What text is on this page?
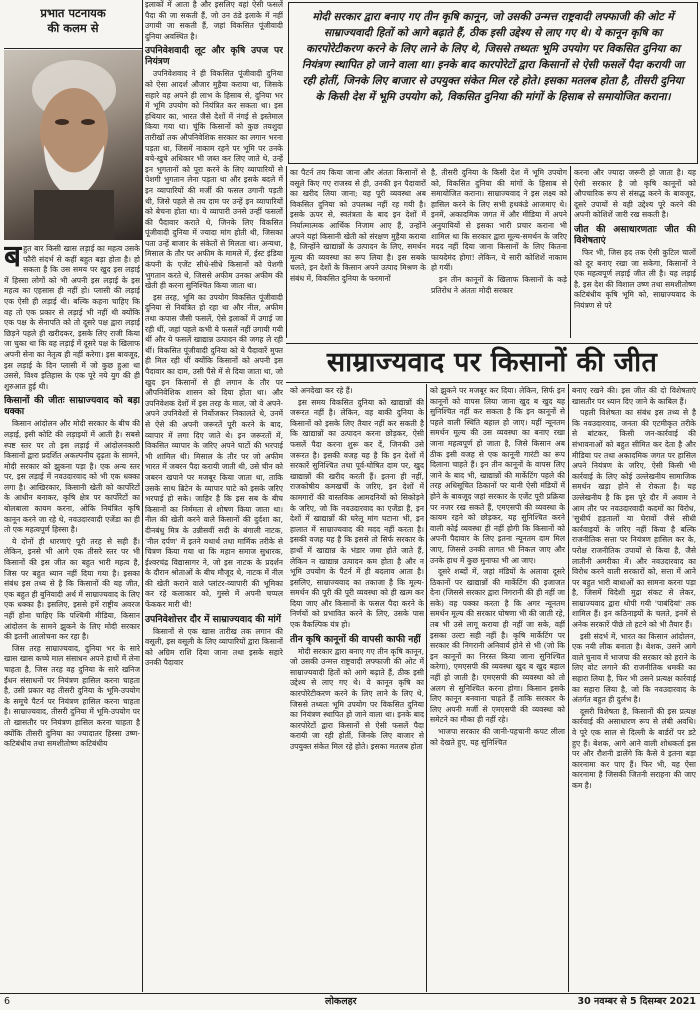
प्रभात पटनायक
की कलम से

बहुत बार किसी खास लड़ाई का महत्व उसके फौरी संदर्भ से कहीं बहुत बड़ा होता है। हो सकता है कि उस समय पर खुद इस लड़ाई में हिस्सा लोगों को भी अपनी इस लड़ाई के इस महत्व का एहसास ही नहीं हो। प्लासी की लड़ाई एक ऐसी ही लड़ाई थी। बल्कि कहना चाहिए कि वह तो एक प्रकार से लड़ाई भी नहीं थी क्योंकि एक पक्ष के सेनापति को तो दूसरे पक्ष द्वारा लड़ाई छिड़ने पहले ही खरीदकर, इसके लिए राजी किया जा चुका था कि वह लड़ाई में दूसरे पक्ष के खिलाफ अपनी सेना का नेतृत्व ही नहीं करेगा। इस बावजूद, इस लड़ाई के दिन प्लासी में जो कुछ हुआ था उससे, विश्व इतिहास के एक पूरे नये युग की ही शुरुआत हुई थी।

किसानों की जीतः साम्राज्यवाद को बड़ा धक्का

किसान आंदोलन और मोदी सरकार के बीच की लड़ाई, इसी कोटि की लड़ाइयों में आती है। सबसे स्पष्ट स्तर पर तो इस लड़ाई में आंदोलनकारी किसानों द्वारा प्रदर्शित अकल्पनीय दृढ़ता के सामने, मोदी सरकार को झुकना पड़ा है। एक अन्य स्तर पर, इस लड़ाई में नवउदारवाद को भी एक धक्का लगा है। आखिरकार, किसानी खेती को कार्पोरेटों के आधीन बनाकर, कृषि क्षेत्र पर कार्पोरेटों का बोलबाला कायम करना, ओकि नियंत्रित कृषि कानून करने जा रहे थे, नवउदारवादी एजेंडा का ही तो एक महत्वपूर्ण हिस्सा है।

ये दोनों ही धारणाएं पूरी तरह से सही हैं। लेकिन, इनसे भी आगे एक तीसरे स्तर पर भी किसानों की इस जीत का बहुत भारी महत्व है, जिस पर बहुत ध्यान नहीं दिया गया है। इसका संबंध इस तथ्य से है कि किसानों की यह जीत, एक बहुत ही बुनियादी अर्थ में साम्राज्यवाद के लिए एक धक्का है। इसलिए, इससे हमें राष्ट्रीय अवरज नहीं होना चाहिए कि पश्चिमी मीडिया, किसान आंदोलन के सामने झुकने के लिए मोदी सरकार की इतनी आलोचना कर रहा है।

जिस तरह साम्राज्यवाद, दुनिया भर के सारे खास खास कच्चे माल संसाधन अपने हाथों में लेना चाहता है, जिस तरह वह दुनिया के सारे खनिज ईंधन संसाधनों पर नियंत्रण हासिल करना चाहता है, उसी प्रकार वह तीसरी दुनिया के भूमि-उपयोग के समूचे पैटर्न पर नियंत्रण हासिल करना चाहता है। साम्राज्यवाद, तीसरी दुनिया में भूमि-उपयोग पर तो खासतौर पर नियंत्रण हासिल करना चाहता है क्योंकि तीसरी दुनिया का ज्यादातर हिस्सा उष्ण-कटिबंधीय तथा समशीतोष्ण कटिबंधीय

इलाकों में आता है और इसलिए वहां ऐसी फसलें पैदा की जा सकती हैं, जो उन ठंडे इलाके में नहीं उगायी जा सकती हैं, जहां विकसित पूंजीवादी दुनिया अवस्थित है।

उपनिवेशवादी लूट और कृषि उपज पर नियंत्रण

उपनिवेशवाद ने ही विकसित पूंजीवादी दुनिया को ऐसा आदर्श औजार मुहैया कराया था, जिसके सहारे वह अपने ही लाभ के हिसाब से, दुनिया भर में भूमि उपयोग को नियंत्रित कर सकता था। इस हथियार का, भारत जैसे देशों में नंगई से इस्तेमाल किया गया था। चूंकि किसानों को कुछ तयशुदा तारीखों तक औपनिवेशिक सरकार का लगान भरना पड़ता था, जिसमें नाकाम रहने पर भूमि पर उनके बचे-खुचे अधिकार भी जब्त कर लिए जाते थे, उन्हें इन भुगतानों को पूरा करने के लिए व्यापारियों से पेशगी भुगतान लेना पड़ता था और इसके बदले में इन व्यापारियों की मर्जी की फसल उगानी पड़ती थी, जिसे पहले से तय दाम पर उन्हें इन व्यापारियों को बेचना होता था। ये व्यापारी उनसे उन्हीं फसलों की पैदावार कराते थे, जिनके लिए विकसित पूंजीवादी दुनिया में ज्यादा मांग होती थी, जिसका पता उन्हें बाजार के संकेतों से मिलता था। अन्यथा, मिसाल के तौर पर अफीम के मामले में, ईस्ट इंडिया कंपनी के एजेंट सीधे-सीधे किसानों को पेशगी भुगतान करते थे, जिससे अफीम उनका अफीम की खेती ही करना सुनिश्चित किया जाता था।

इस तरह, भूमि का उपयोग विकसित पूंजीवादी दुनिया से नियंत्रित हो रहा था और नील, अफीम तथा कपास जैसी फसलें, ऐसे इलाकों में उगाई जा रही थीं, जहां पहले कभी ये फसलें नहीं उगायी गयी थीं और ये फसलें खाद्यान्न उत्पादन की जगह ले रही थीं। विकसित पूंजीवादी दुनिया को ये पैदावारें मुफ्त ही मिल रही थीं क्योंकि किसानों को अपनी इस पैदावार का दाम, उसी पैसे में से दिया जाता था, जो खुद इन किसानों से ही लगान के तौर पर औपनिवेशिक शासन को दिया होता था। और उपनिवेशक देशों में इस तरह के माल, जो वे अपने-अपने उपनिवेशों से निर्योजकर निकालते थे, उनमें से ऐसे की अपनी जरूरतें पूरी करने के बाद, व्यापार में लगा दिए जाते थे। इन जरूरतों में, विकसित व्यापार के जरिए अपने घाटों की भरपाई भी शामिल थी। मिसाल के तौर पर जो अफीम भारत में जबरन पैदा करायी जाती थी, उसे चीन को जबरन खपाने पर मजबूर किया जाता था, ताकि उसके साथ ब्रिटेन के व्यापार घाटे को इसके जरिए भरपाई हो सके। जाहिर है कि इस सब के बीच किसानों का निर्ममता से शोषण किया जाता था। नील की खेती करने वाले किसानों की दुर्दशा का, दीनबंधु मित्र के उन्नीसवीं सदी के बंगाली नाटक, 'नील दर्पण' में इतने यथार्थ तथा मार्मिक तरीके से चित्रण किया गया था कि महान समाज सुधारक, ईश्वरचंद्र विद्यासागर ने, जो इस नाटक के प्रदर्शन के दौरान श्रोताओं के बीच मौजूद थे, नाटक में नील की खेती कराने वाले प्लांटर-व्यापारी की भूमिका कर रहे कलाकार को, गुस्से में अपनी चप्पल फेंककर मारी थी!

उपनिवेशोत्तर दौर में साम्राज्यवाद की मांगें

किसानों से एक खास तारीख तक लगान की वसूली, इस वसूली के लिए व्यापारियों द्वारा किसानों को अग्रिम राशि दिया जाना तथा इसके सहारे उनकी पैदावार

मोदी सरकार द्वारा बनाए गए तीन कृषि कानून, जो उसकी उन्मत्त राष्ट्रवादी लफ्फाजी की ओट में साम्राज्यवादी हितों को आगे बढ़ाते हैं, ठीक इसी उद्देश्य से लाए गए थे। ये कानून कृषि का कारपोरेटीकरण करने के लिए लाने के लिए थे, जिससे तथ्यतः भूमि उपयोग पर विकसित दुनिया का नियंत्रण स्थापित हो जाने वाला था। इनके बाद कारपोरेटों द्वारा किसानों से ऐसी फसलें पैदा करायी जा रही होतीं, जिनके लिए बाजार से उपयुक्त संकेत मिल रहे होते। इसका मतलब होता है, तीसरी दुनिया के किसी देश में भूमि उपयोग को, विकसित दुनिया की मांगों के हिसाब से समायोजित कराना।

का पैटर्न तय किया जाना और अंततः किसानों से वसूले किए गए राजस्व से ही, उनकी इन पैदावारों का खरीद लिया जाना; यह पूरी व्यवस्था अब विकसित दुनिया को उपलब्ध नहीं रह गयी है। इसके ऊपर से, स्वतंत्रता के बाद इन देशों में निर्यात्मात्मक आर्थिक निजाम आए हैं, उन्होंने अपने यहां किसानी खेती को संरक्षण मुहैया कराया है, जिन्होंने खाद्यान्नों के उत्पादन के लिए, समर्थन मूल्य की व्यवस्था का रूप लिया है। इस सबके चलते, इन देशों के किसान अपने उत्पाद मिश्रण के संबंध में, विकसित दुनिया के फरमानों

है, तीसरी दुनिया के किसी देश में भूमि उपयोग को, विकसित दुनिया की मांगों के हिसाब से समायोजित कराना। साम्राज्यवाद ने इस लक्ष्य को हासिल करने के लिए सभी हथकंडे आजमाए थे। इनमें, अकादमिक जगत में और मीडिया में अपने अनुयायियों से इसका भारी प्रचार कराना भी शामिल था कि सरकार द्वारा मूल्य-समर्थन के जरिए मदद नहीं दिया जाना किसानों के लिए कितना फायदेमंद होगा! लेकिन, ये सारी कोशिशें नाकाम हो गयीं।

इन तीन कानूनों के खिलाफ किसानों के कड़े प्रतिरोध ने अंततः मोदी सरकार

करना और ज्यादा जरूरी हो जाता है। यह ऐसी सरकार है जो कृषि कानूनों को औपचारिक रूप से संसद्ध करने के बावजूद, दूसरे उपायों से वही उद्देश्य पूरे करने की अपनी कोशिशें जारी रख सकती है।

जीत की असाधारणताः जीत की विशेषताएं

फिर भी, जिस हद तक ऐसी कुटिल चालों को दूर बनाए रखा जा सकेगा, किसानों ने एक महत्वपूर्ण लड़ाई जीत ली है। यह लड़ाई है, इस देश की विशाल उष्ण तथा समशीतोष्ण कटिबंधीय कृषि भूमि को, साम्राज्यवाद के नियंत्रण से परे

साम्राज्यवाद पर किसानों की जीत

को अनदेखा कर रहे हैं।

इस समय विकसित दुनिया को खाद्यान्नों की जरूरत नहीं है। लेकिन, वह बाकी दुनिया के किसानों को इसके लिए तैयार नहीं कर सकती है कि खाद्यान्नों का उत्पादन करना छोड़कर, ऐसी फसलें पैदा करना शुरू कर दें, जिनकी उसे जरूरत है। इसकी वजह यह है कि इन देशों में सरकारें सुनिश्चित तथा पूर्व-घोषित दाम पर, खुद खाद्यान्नों की खरीद करती हैं। इतना ही नहीं, राजकोषीय कमखर्ची के जरिए, इन देशों में कामगारों की वास्तविक आमदनियों को सिकोड़ने के जरिए, जो कि नवउदारवाद का एजेंडा है, इन देशों में खाद्यान्नों की घरेलू मांग घटाना भी, इन हालात में साम्राज्यवाद की मदद नहीं करता है। इसकी वजह यह है कि इससे तो सिर्फ सरकार के हाथों में खाद्यान्न के भंडार जमा होते जाते हैं, लेकिन न खाद्यान्न उत्पादन कम होता है और न भूमि उपयोग के पैटर्न में ही बदलाव आता है। इसलिए, साम्राज्यवाद का तकाजा है कि मूल्य-समर्थन की पूरी की पूरी व्यवस्था को ही खत्म कर दिया जाए और किसानों के फसल पैदा करने के निर्णयों को प्रभावित करने के लिए, उसके पास एक वैकल्पिक यंत्र हो।

तीन कृषि कानूनों की वापसी काफी नहीं

मोदी सरकार द्वारा बनाए गए तीन कृषि कानून, जो उसकी उन्मत्त राष्ट्रवादी लफ्फाजी की ओट में साम्राज्यवादी हितों को आगे बढ़ाते हैं, ठीक इसी उद्देश्य से लाए गए थे। ये कानून कृषि का कारपोरेटीकरण करने के लिए लाने के लिए थे, जिससे तथ्यतः भूमि उपयोग पर विकसित दुनिया का नियंत्रण स्थापित हो जाने वाला था। इनके बाद कारपोरेटों द्वारा किसानों से ऐसी फसलें पैदा करायी जा रही होतीं, जिनके लिए बाजार से उपयुक्त संकेत मिल रहे होते। इसका मतलब होता

को झुकने पर मजबूर कर दिया। लेकिन, सिर्फ इन कानूनों को वापस लिया जाना खुद ब खुद यह सुनिश्चित नहीं कर सकता है कि इन कानूनों से पहले वाली स्थिति बहाल हो जाए। यहीं न्यूनतम समर्थन मूल्य की उस व्यवस्था का बनाए रखा जाना महत्वपूर्ण हो जाता है, जिसे किसान अब ठीक इसी वजह से एक कानूनी गारंटी का रूप दिलाना चाहते हैं। इन तीन कानूनों के वापस लिए जाने के बाद भी, खाद्यान्नों की मार्केटिंग पहले की तरह अधिसूचित ठिकानों पर यानी ऐसी मंडियों में होने के बावजूद जहां सरकार के एजेंट पूरी प्रक्रिया पर नजर रख सकते हैं, एमएसपी की व्यवस्था के कायम रहने को छोड़कर, यह सुनिश्चित करने वाली कोई व्यवस्था ही नहीं होगी कि किसानों को अपनी पैदावार के लिए इतना न्यूनतम दाम मिल जाए, जिससे उनकी लागत भी निकल जाए और उनके हाथ में कुछ मुनाफा भी आ जाए।

दूसरे शब्दों में, जहां मंडियों के अलावा दूसरे ठिकानों पर खाद्यान्नों की मार्केटिंग की इजाजत देना (जिससे सरकार द्वारा निगरानी की ही नहीं जा सके) वह पक्का करता है कि अगर न्यूनतम समर्थन मूल्य की सरकार घोषणा भी की जाती रहे, तब भी उसे लागू कराया ही नहीं जा सके, वहीं इसका उल्टा सही नहीं है। कृषि मार्केटिंग पर सरकार की निगरानी अनिवार्य होने से भी (जो कि इन कानूनों का निरस्त किया जाना सुनिश्चित करेगा), एमएसपी की व्यवस्था खुद ब खुद बहाल नहीं हो जाती है। एमएसपी की व्यवस्था को तो अलग से सुनिश्चित करना होगा। किसान इसके लिए कानून बनवाना चाहते हैं ताकि सरकार के लिए अपनी मर्जी से एमएसपी की व्यवस्था को समेटने का मौका ही नहीं रहे।

भाजपा सरकार की जानी-पहचानी कपट लीला को देखते हुए, यह सुनिश्चित

बनाए रखने की। इस जीत की दो विशेषताएं खासतौर पर ध्यान दिए जाने के काबिल हैं।

पहली विशेषता का संबंध इस तथ्य से है कि नवउदारवाद, जनता की एटमीकृत तरीके से बांटकर, किसी जन-कार्रवाई की संभावनाओं को बहुत सीमित कर देता है और मीडिया पर तथा अकादमिक जगत पर हासिल अपने नियंत्रण के जरिए, ऐसी किसी भी कार्रवाई के लिए कोई उल्लेखनीय सामाजिक समर्थन खड़ा होने से रोकता है। यह उल्लेखनीय है कि इस पूरे दौर में अवाम ने आम तौर पर नवउदारवादी कदमों का विरोध, 'सुधीर्घ हड़तालों या घेरावों जैसे सीधी कार्रवाइयों के जरिए नहीं किया है बल्कि राजनीतिक सत्ता पर नियंत्रण हासिल कर के, परोक्ष राजनीतिक उपायों से किया है, जैसे लातीनी अमरीका में। और नवउदारवाद का विरोध करने वाली सरकारों को, सत्ता में आने पर बहुत भारी बाधाओं का सामना करना पड़ा है, जिसमें विदेशी मुद्रा संकट से लेकर, साम्राज्यवाद द्वारा थोपी गयी 'पाबंदियां' तक शामिल हैं। इन कठिनाइयों के चलते, इनमें से अनेक सरकारें पीछे तो हटने को भी तैयार हैं।

इसी संदर्भ में, भारत का किसान आंदोलन, एक नयी लीक बनाता है। बेशक, उसने आगे वाले चुनाव में भाजपा की सरकार को हराने के लिए वोट लगाने की राजनीतिक धमकी का सहारा लिया है, फिर भी उसने प्रत्यक्ष कार्रवाई का सहारा लिया है, जो कि नवउदारवाद के अंतर्गत बहुत ही दुर्लभ है।

दूसरी विशेषता है, किसानों की इस प्रत्यक्ष कार्रवाई की असाधारण रूप से लंबी अवधि। वे पूरे एक साल से दिल्ली के बार्डरों पर डटे हुए हैं। बेशक, आगे आने वाली शोधकर्ता इस पर और रौशनी डालेंगे कि कैसे वे इतना बड़ा कारनामा कर पाए हैं। फिर भी, यह ऐसा कारनामा है जिसकी जितनी सराहना की जाए कम है।

6	लोकलहर	30 नवम्बर से 5 दिसम्बर 2021
